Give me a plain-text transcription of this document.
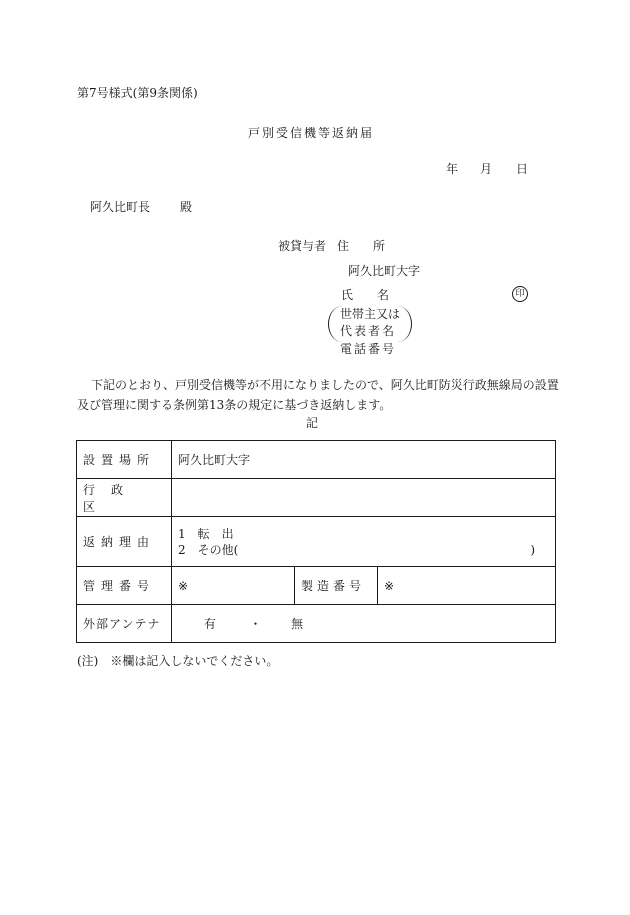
第7号様式(第9条関係)
戸別受信機等返納届
年 月 日
阿久比町長 殿
被貸与者 住　　所
阿久比町大字
氏　　名	印
世帯主又は
代表者名
電話番号
下記のとおり、戸別受信機等が不用になりましたので、阿久比町防災行政無線局の設置
及び管理に関する条例第13条の規定に基づき返納します。
記
設置場所	阿久比町大字		
行政区			
返納理由	1　転　出
2　その他( )		

管理番号	※	製造番号	※
外部アンテナ	有 ・ 無		
(注)　※欄は記入しないでください。
